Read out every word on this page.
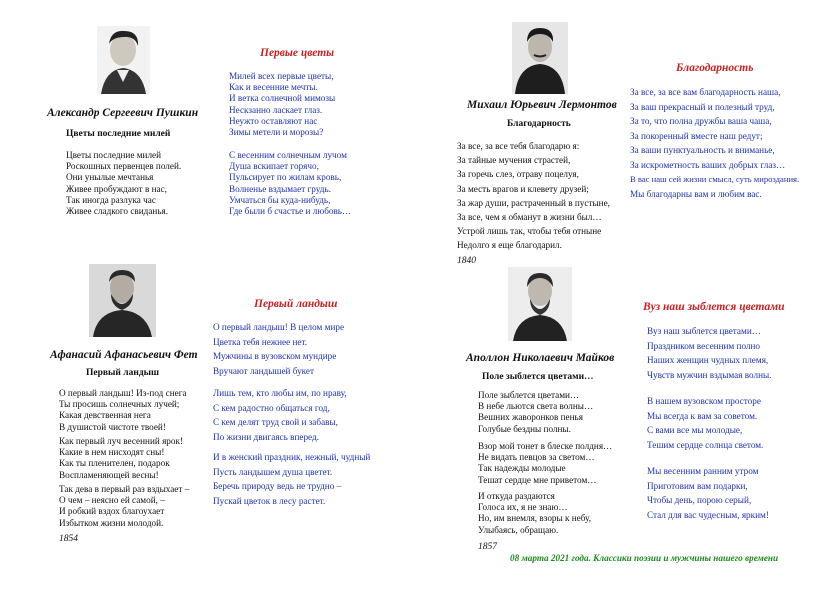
Александр Сергеевич Пушкин
Цветы последние милей
Цветы последние милей
Роскошных первенцев полей.
Они унылые мечтанья
Живее пробуждают в нас,
Так иногда разлука час
Живее сладкого свиданья.
Первые цветы
Милей всех первые цветы,
Как и весенние мечты.
И ветка солнечной мимозы
Нескзанно ласкает глаз.
Неужто оставляют нас
Зимы метели и морозы?
С весенним солнечным лучом
Душа вскипает горячо,
Пульсирует по жилам кровь,
Волненье вздымает грудь.
Умчаться бы куда-нибудь,
Где были б счастье и любовь…
Михаил Юрьевич Лермонтов
Благодарность
За все, за все тебя благодарю я:
За тайные мучения страстей,
За горечь слез, отраву поцелуя,
За месть врагов и клевету друзей;
За жар души, растраченный в пустыне,
За все, чем я обманут в жизни был…
Устрой лишь так, чтобы тебя отныне
Недолго я еще благодарил.
1840
Благодарность
За все, за все вам благодарность наша,
За ваш прекрасный и полезный труд,
За то, что полна дружбы ваша чаша,
За покоренный вместе наш редут;
За ваши пунктуальность и вниманье,
За искрометность ваших добрых глаз…
В вас наш сей жизни смысл, суть мироздания.
Мы благодарны вам и любим вас.
Афанасий Афанасьевич Фет
Первый ландыш
О первый ландыш! Из-под снега
Ты просишь солнечных лучей;
Какая девственная нега
В душистой чистоте твоей!
Как первый луч весенний ярок!
Какие в нем нисходят сны!
Как ты пленителен, подарок
Воспламеняющей весны!
Так дева в первый раз вздыхает –
О чем – неясно ей самой, –
И робкий вздох благоухает
Избытком жизни молодой.
1854
Первый ландыш
О первый ландыш! В целом мире
Цветка тебя нежнее нет.
Мужчины в вузовском мундире
Вручают ландышей букет
Лишь тем, кто любы им, по нраву,
С кем радостно общаться год,
С кем делят труд свой и забавы,
По жизни двигаясь вперед.
И в женский праздник, нежный, чудный
Пусть ландышем душа цветет.
Беречь природу ведь не трудно –
Пускай цветок в лесу растет.
Аполлон Николаевич Майков
Поле зыблется цветами…
Поле зыблется цветами…
В небе льются света волны…
Вешних жаворонков пенья
Голубые бездны полны.
Взор мой тонет в блеске полдня…
Не видать певцов за светом…
Так надежды молодые
Тешат сердце мне приветом…
И откуда раздаются
Голоса их, я не знаю…
Но, им внемля, взоры к небу,
Улыбаясь, обращаю.
1857
Вуз наш зыблется цветами
Вуз наш зыблется цветами…
Праздником весенним полно
Наших женщин чудных племя,
Чувств мужчин вздымая волны.
В нашем вузовском просторе
Мы всегда к вам за советом.
С вами все мы молодые,
Тешим сердце солнца светом.
Мы весенним ранним утром
Приготовим вам подарки,
Чтобы день, порою серый,
Стал для вас чудесным, ярким!
08 марта 2021 года. Классики поэзии и мужчины нашего времени
